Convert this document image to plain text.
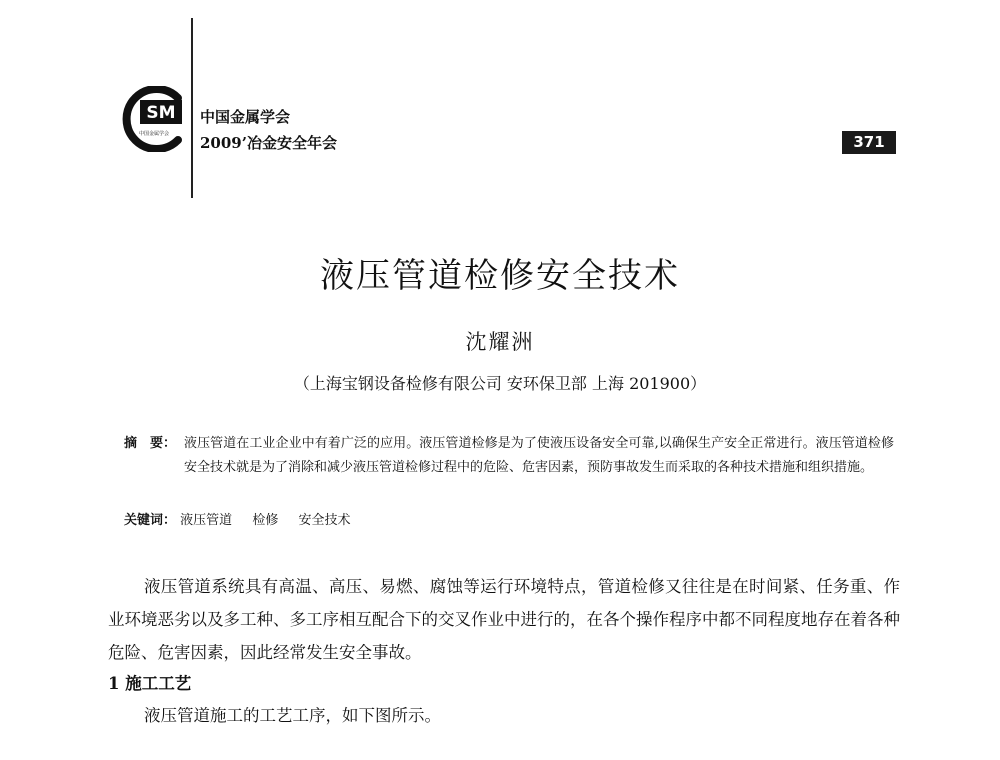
SM
中国金属学会
中国金属学会
2009’冶金安全年会	371
液压管道检修安全技术
沈耀洲
（上海宝钢设备检修有限公司 安环保卫部 上海 201900）
摘　要： 液压管道在工业企业中有着广泛的应用。液压管道检修是为了使液压设备安全可靠,以确保生产安全正常进行。液压管道检修安全技术就是为了消除和减少液压管道检修过程中的危险、危害因素，预防事故发生而采取的各种技术措施和组织措施。
关键词： 液压管道 检修 安全技术
液压管道系统具有高温、高压、易燃、腐蚀等运行环境特点，管道检修又往往是在时间紧、任务重、作业环境恶劣以及多工种、多工序相互配合下的交叉作业中进行的，在各个操作程序中都不同程度地存在着各种危险、危害因素，因此经常发生安全事故。
1 施工工艺
液压管道施工的工艺工序，如下图所示。
